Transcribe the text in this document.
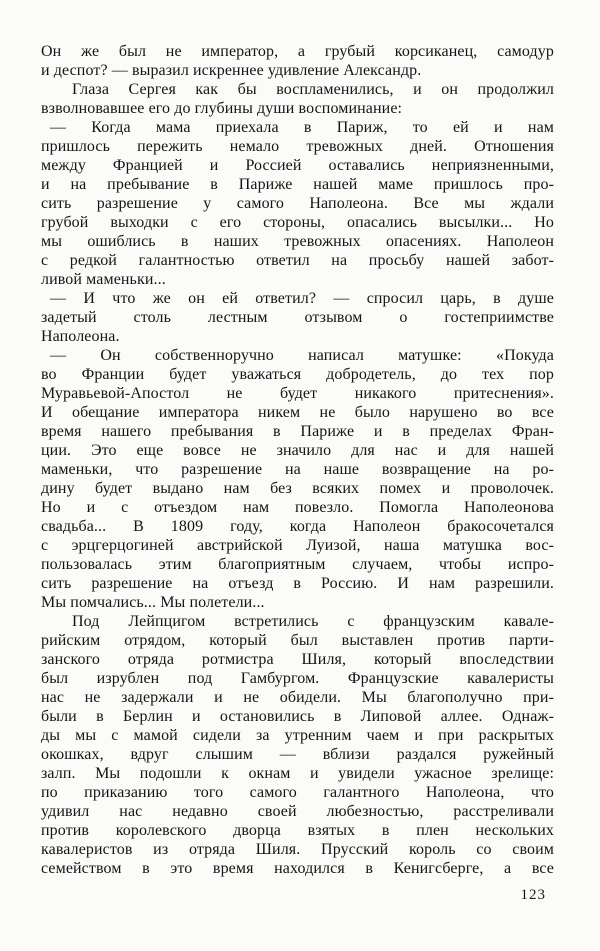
Он же был не император, а грубый корсиканец, самодур
и деспот? — выразил искреннее удивление Александр.
Глаза Сергея как бы воспламенились, и он продолжил
взволновавшее его до глубины души воспоминание:
— Когда мама приехала в Париж, то ей и нам
пришлось пережить немало тревожных дней. Отношения
между Францией и Россией оставались неприязненными,
и на пребывание в Париже нашей маме пришлось про-
сить разрешение у самого Наполеона. Все мы ждали
грубой выходки с его стороны, опасались высылки... Но
мы ошиблись в наших тревожных опасениях. Наполеон
с редкой галантностью ответил на просьбу нашей забот-
ливой маменьки...
— И что же он ей ответил? — спросил царь, в душе
задетый столь лестным отзывом о гостеприимстве
Наполеона.
— Он собственноручно написал матушке: «Покуда
во Франции будет уважаться добродетель, до тех пор
Муравьевой-Апостол не будет никакого притеснения».
И обещание императора никем не было нарушено во все
время нашего пребывания в Париже и в пределах Фран-
ции. Это еще вовсе не значило для нас и для нашей
маменьки, что разрешение на наше возвращение на ро-
дину будет выдано нам без всяких помех и проволочек.
Но и с отъездом нам повезло. Помогла Наполеонова
свадьба... В 1809 году, когда Наполеон бракосочетался
с эрцгерцогиней австрийской Луизой, наша матушка вос-
пользовалась этим благоприятным случаем, чтобы испро-
сить разрешение на отъезд в Россию. И нам разрешили.
Мы помчались... Мы полетели...
Под Лейпцигом встретились с французским кавале-
рийским отрядом, который был выставлен против парти-
занского отряда ротмистра Шиля, который впоследствии
был изрублен под Гамбургом. Французские кавалеристы
нас не задержали и не обидели. Мы благополучно при-
были в Берлин и остановились в Липовой аллее. Однаж-
ды мы с мамой сидели за утренним чаем и при раскрытых
окошках, вдруг слышим — вблизи раздался ружейный
залп. Мы подошли к окнам и увидели ужасное зрелище:
по приказанию того самого галантного Наполеона, что
удивил нас недавно своей любезностью, расстреливали
против королевского дворца взятых в плен нескольких
кавалеристов из отряда Шиля. Прусский король со своим
семейством в это время находился в Кенигсберге, а все
123
